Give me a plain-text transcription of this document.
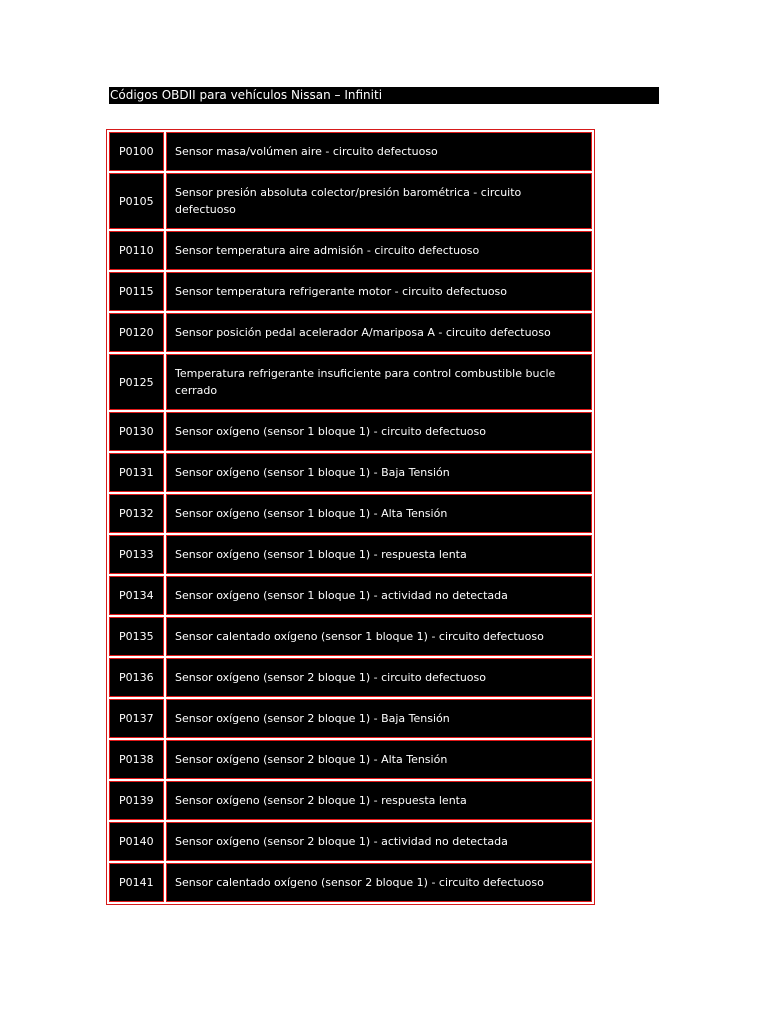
Códigos OBDII para vehículos Nissan – Infiniti
P0100	Sensor masa/volúmen aire - circuito defectuoso
P0105	Sensor presión absoluta colector/presión barométrica - circuito defectuoso
P0110	Sensor temperatura aire admisión - circuito defectuoso
P0115	Sensor temperatura refrigerante motor - circuito defectuoso
P0120	Sensor posición pedal acelerador A/mariposa A - circuito defectuoso
P0125	Temperatura refrigerante insuficiente para control combustible bucle cerrado
P0130	Sensor oxígeno (sensor 1 bloque 1) - circuito defectuoso
P0131	Sensor oxígeno (sensor 1 bloque 1) - Baja Tensión
P0132	Sensor oxígeno (sensor 1 bloque 1) - Alta Tensión
P0133	Sensor oxígeno (sensor 1 bloque 1) - respuesta lenta
P0134	Sensor oxígeno (sensor 1 bloque 1) - actividad no detectada
P0135	Sensor calentado oxígeno (sensor 1 bloque 1) - circuito defectuoso
P0136	Sensor oxígeno (sensor 2 bloque 1) - circuito defectuoso
P0137	Sensor oxígeno (sensor 2 bloque 1) - Baja Tensión
P0138	Sensor oxígeno (sensor 2 bloque 1) - Alta Tensión
P0139	Sensor oxígeno (sensor 2 bloque 1) - respuesta lenta
P0140	Sensor oxígeno (sensor 2 bloque 1) - actividad no detectada
P0141	Sensor calentado oxígeno (sensor 2 bloque 1) - circuito defectuoso
